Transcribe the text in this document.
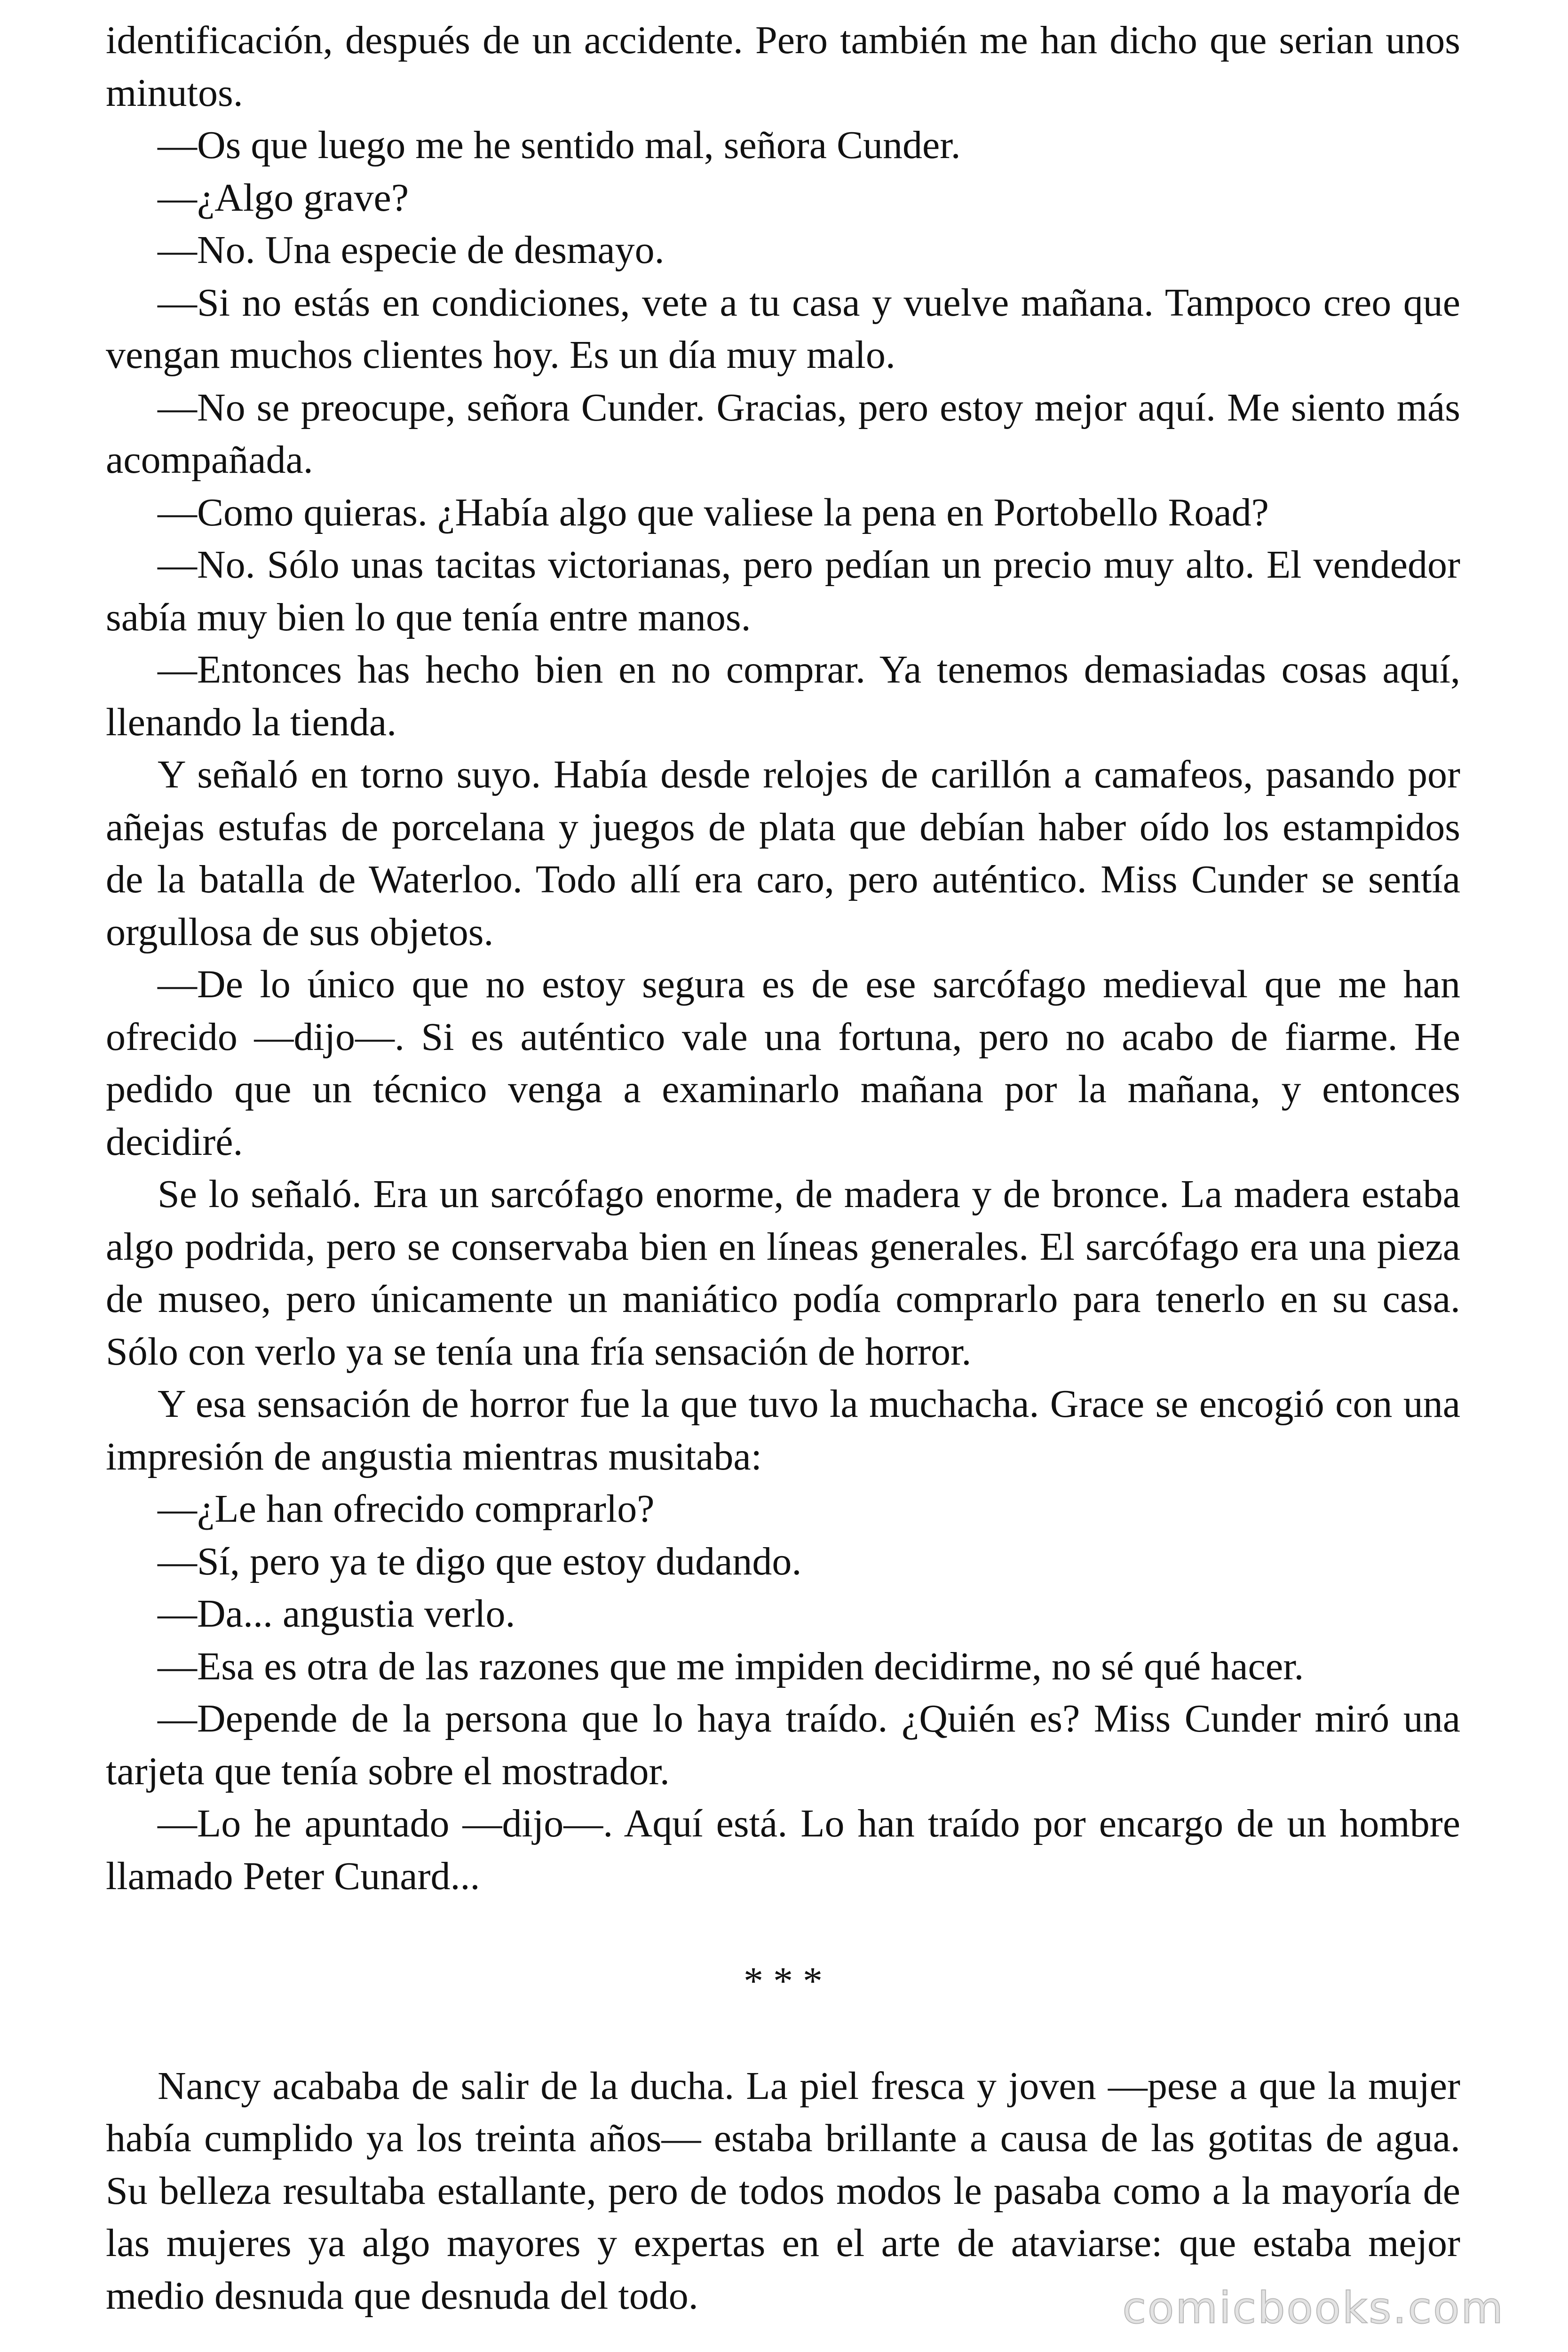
identificación, después de un accidente. Pero también me han dicho que serian unos minutos.

—Os que luego me he sentido mal, señora Cunder.

—¿Algo grave?

—No. Una especie de desmayo.

—Si no estás en condiciones, vete a tu casa y vuelve mañana. Tampoco creo que vengan muchos clientes hoy. Es un día muy malo.

—No se preocupe, señora Cunder. Gracias, pero estoy mejor aquí. Me siento más acompañada.

—Como quieras. ¿Había algo que valiese la pena en Portobello Road?

—No. Sólo unas tacitas victorianas, pero pedían un precio muy alto. El vendedor sabía muy bien lo que tenía entre manos.

—Entonces has hecho bien en no comprar. Ya tenemos demasiadas cosas aquí, llenando la tienda.

Y señaló en torno suyo. Había desde relojes de carillón a camafeos, pasando por añejas estufas de porcelana y juegos de plata que debían haber oído los estampidos de la batalla de Waterloo. Todo allí era caro, pero auténtico. Miss Cunder se sentía orgullosa de sus objetos.

—De lo único que no estoy segura es de ese sarcófago medieval que me han ofrecido —dijo—. Si es auténtico vale una fortuna, pero no acabo de fiarme. He pedido que un técnico venga a examinarlo mañana por la mañana, y entonces decidiré.

Se lo señaló. Era un sarcófago enorme, de madera y de bronce. La madera estaba algo podrida, pero se conservaba bien en líneas generales. El sarcófago era una pieza de museo, pero únicamente un maniático podía comprarlo para tenerlo en su casa. Sólo con verlo ya se tenía una fría sensación de horror.

Y esa sensación de horror fue la que tuvo la muchacha. Grace se encogió con una impresión de angustia mientras musitaba:

—¿Le han ofrecido comprarlo?

—Sí, pero ya te digo que estoy dudando.

—Da... angustia verlo.

—Esa es otra de las razones que me impiden decidirme, no sé qué hacer.

—Depende de la persona que lo haya traído. ¿Quién es? Miss Cunder miró una tarjeta que tenía sobre el mostrador.

—Lo he apuntado —dijo—. Aquí está. Lo han traído por encargo de un hombre llamado Peter Cunard...

* * *

Nancy acababa de salir de la ducha. La piel fresca y joven —pese a que la mujer había cumplido ya los treinta años— estaba brillante a causa de las gotitas de agua. Su belleza resultaba estallante, pero de todos modos le pasaba como a la mayoría de las mujeres ya algo mayores y expertas en el arte de ataviarse: que estaba mejor medio desnuda que desnuda del todo.	comicbooks.com
